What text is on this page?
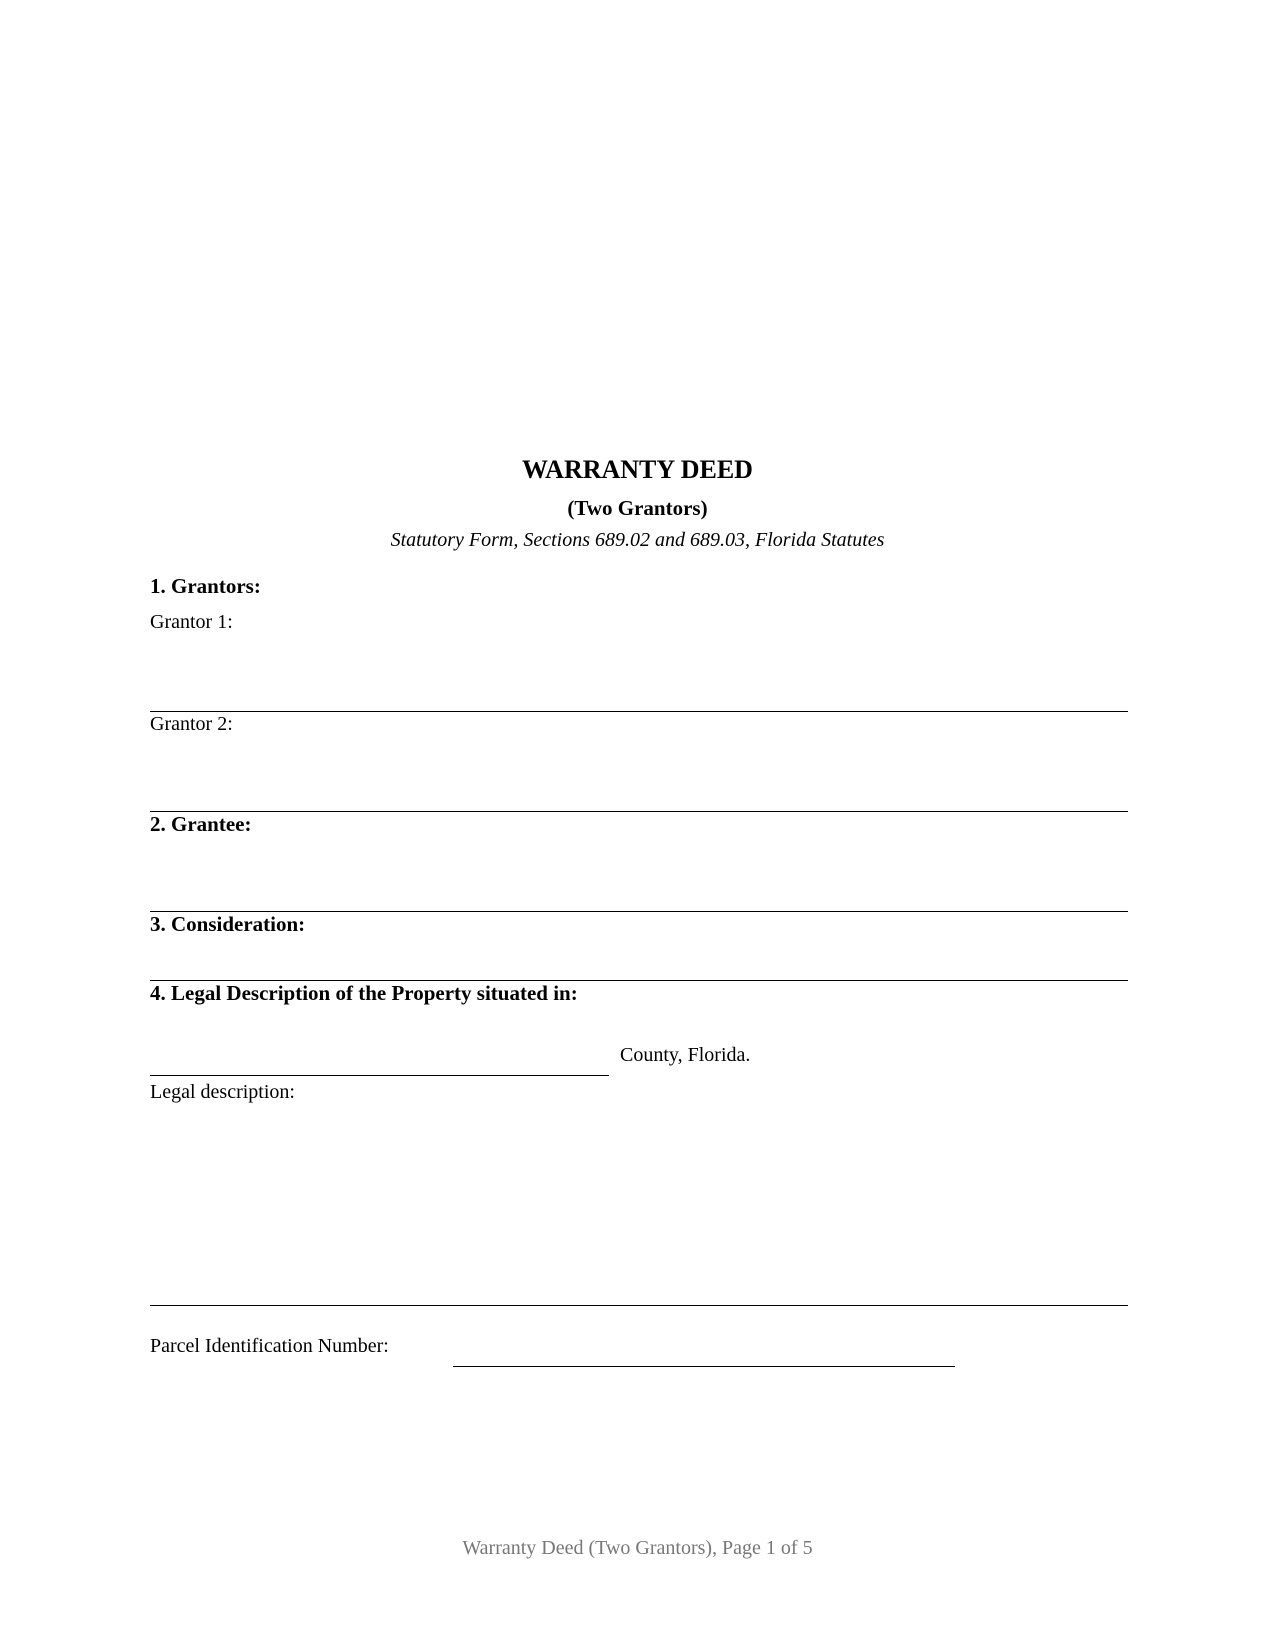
WARRANTY DEED
(Two Grantors)
Statutory Form, Sections 689.02 and 689.03, Florida Statutes
1. Grantors:
Grantor 1:
Grantor 2:
2. Grantee:
3. Consideration:
4. Legal Description of the Property situated in:
County, Florida.
Legal description:
Parcel Identification Number:
Warranty Deed (Two Grantors), Page 1 of 5
